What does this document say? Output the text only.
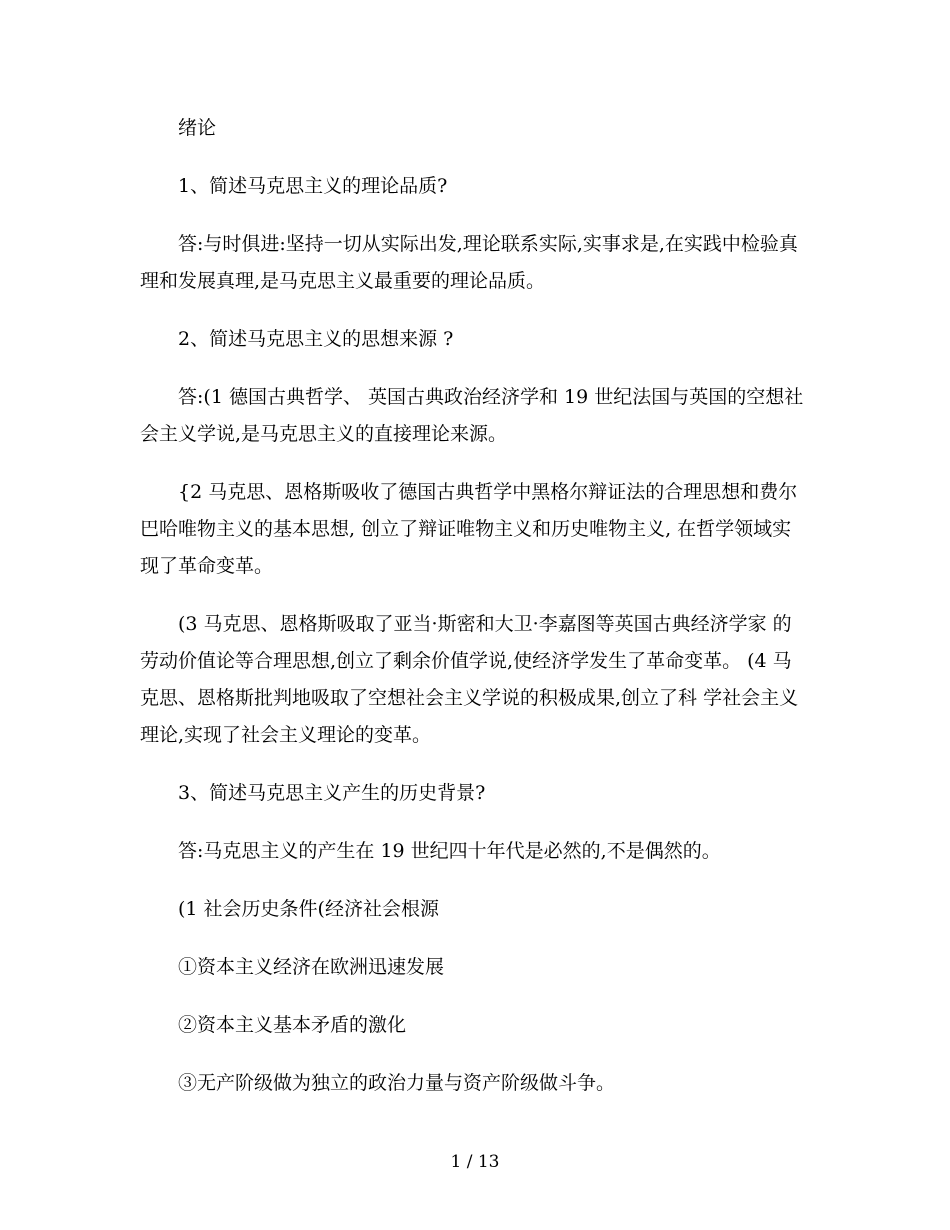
绪论

1、简述马克思主义的理论品质?

答:与时俱进:坚持一切从实际出发,理论联系实际,实事求是,在实践中检验真理和发展真理,是马克思主义最重要的理论品质。

2、简述马克思主义的思想来源 ?

答:(1 德国古典哲学、 英国古典政治经济学和 19 世纪法国与英国的空想社 会主义学说,是马克思主义的直接理论来源。

{2 马克思、恩格斯吸收了德国古典哲学中黑格尔辩证法的合理思想和费尔 巴哈唯物主义的基本思想, 创立了辩证唯物主义和历史唯物主义, 在哲学领域实 现了革命变革。

(3 马克思、恩格斯吸取了亚当·斯密和大卫·李嘉图等英国古典经济学家 的劳动价值论等合理思想,创立了剩余价值学说,使经济学发生了革命变革。 (4 马克思、恩格斯批判地吸取了空想社会主义学说的积极成果,创立了科 学社会主义理论,实现了社会主义理论的变革。

3、简述马克思主义产生的历史背景?

答:马克思主义的产生在 19 世纪四十年代是必然的,不是偶然的。

(1 社会历史条件(经济社会根源

①资本主义经济在欧洲迅速发展

②资本主义基本矛盾的激化

③无产阶级做为独立的政治力量与资产阶级做斗争。

1 / 13
